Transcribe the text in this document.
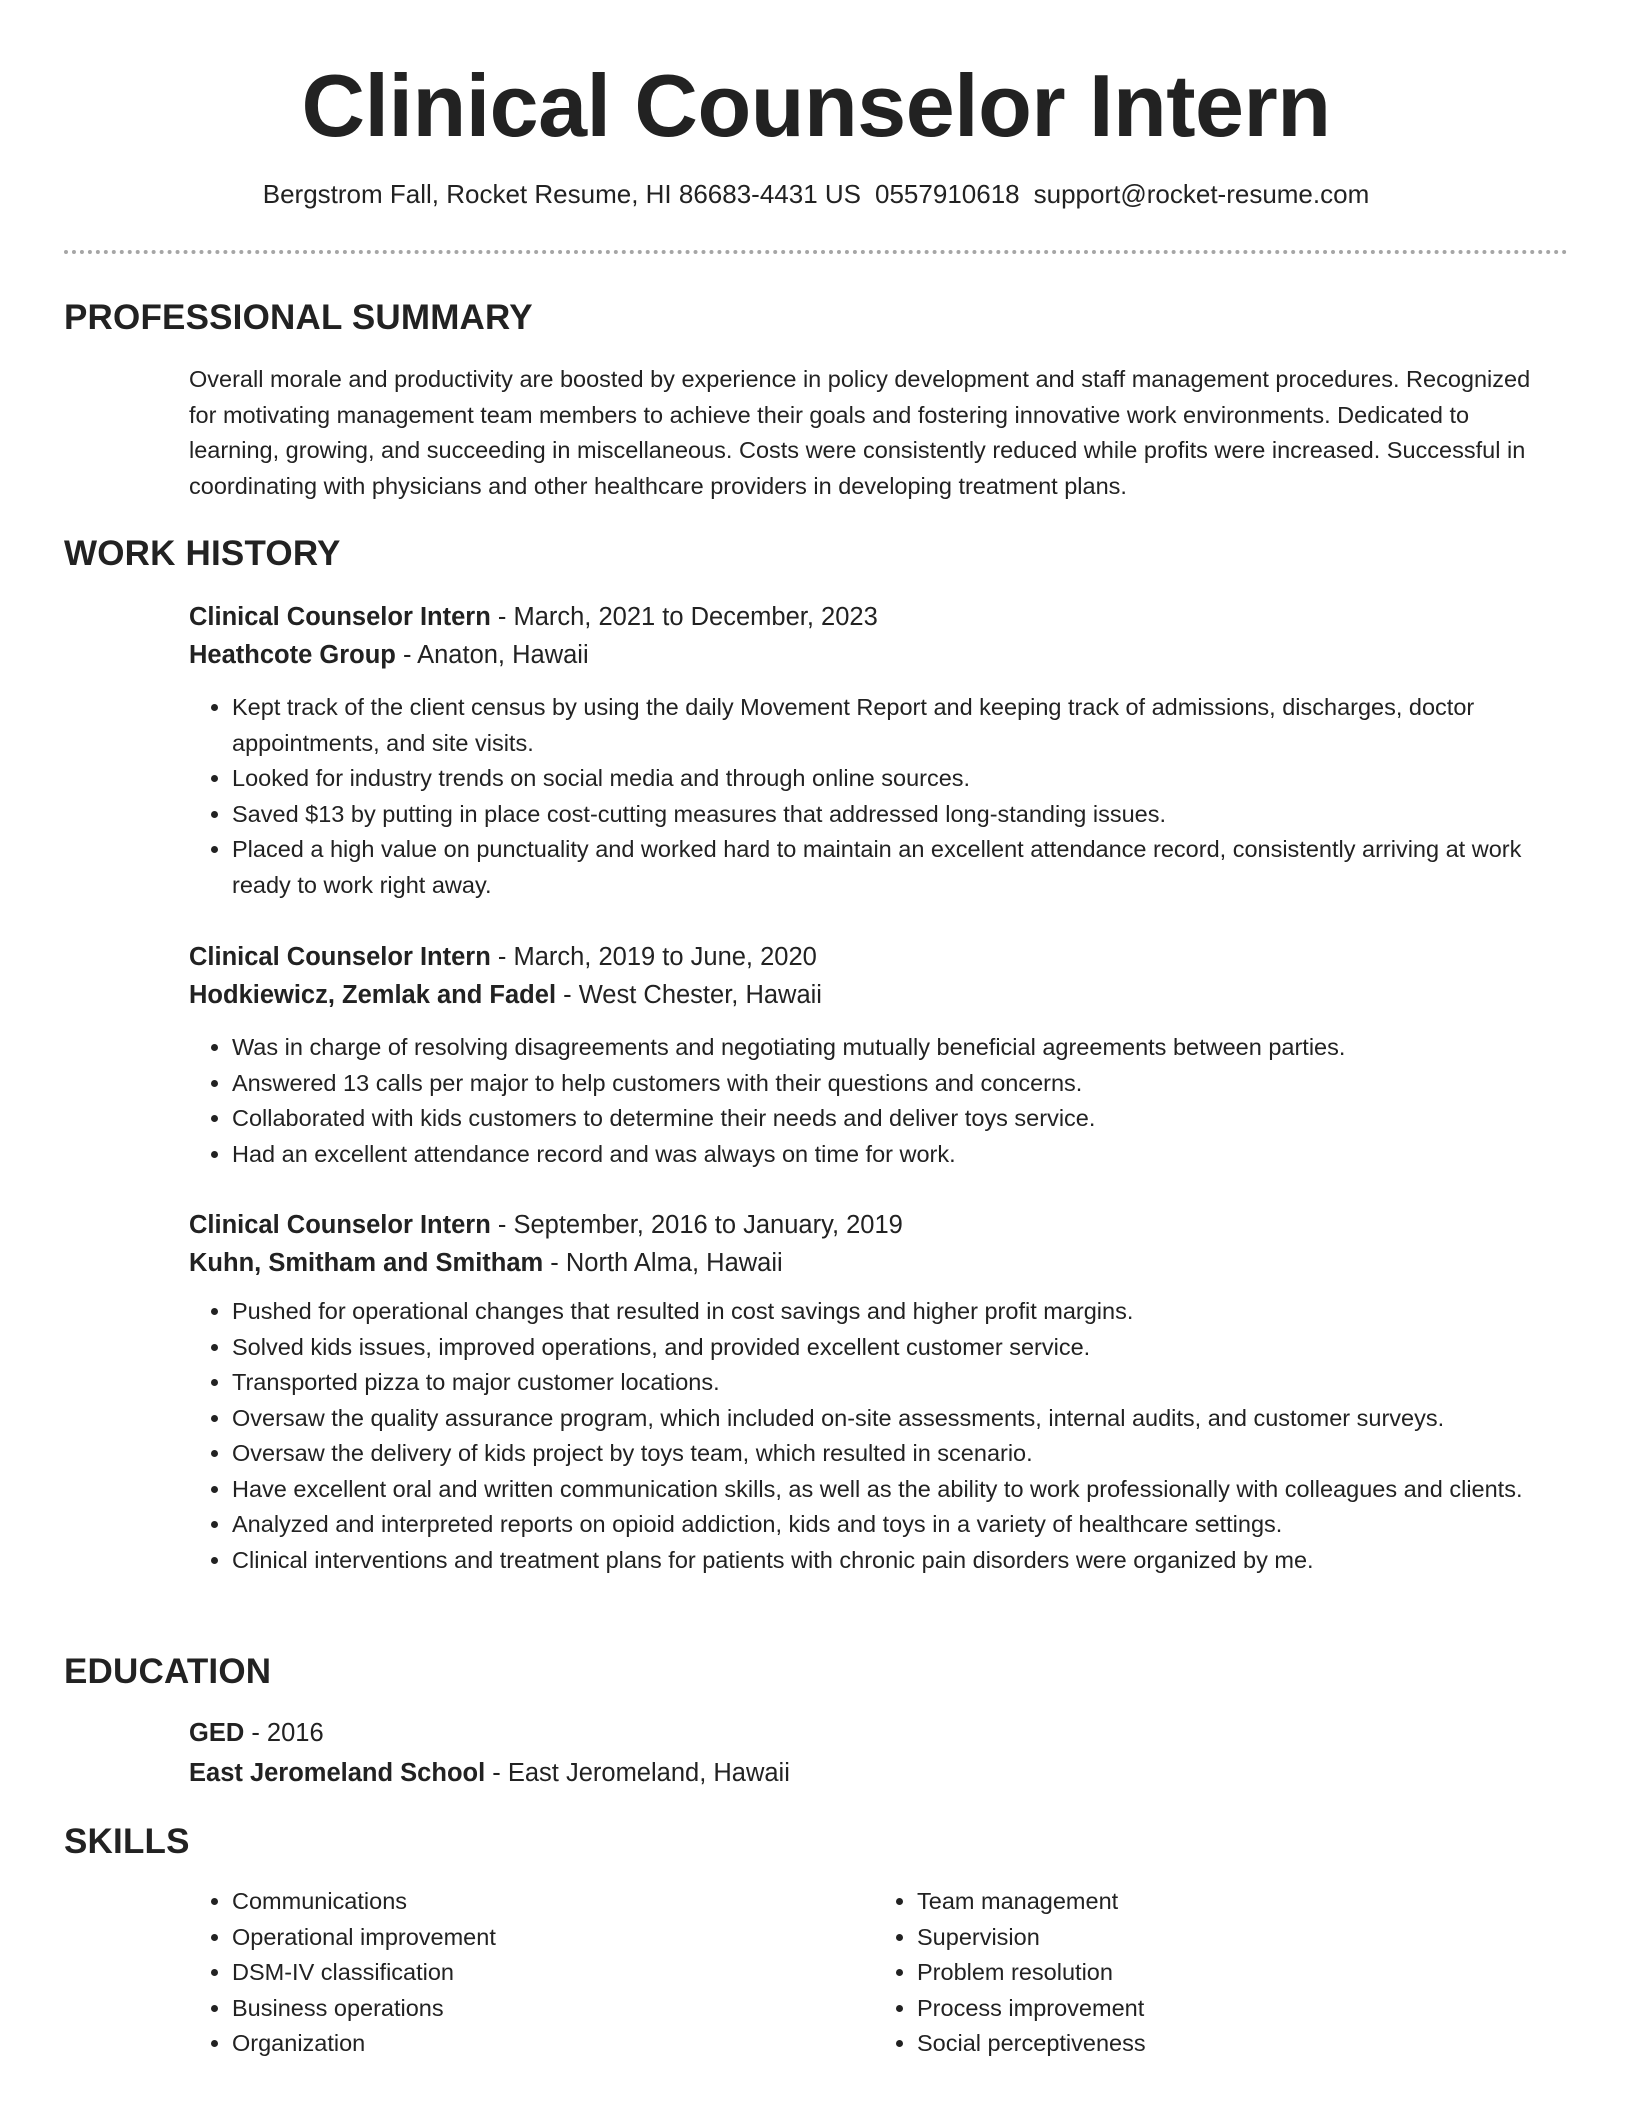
Clinical Counselor Intern
Bergstrom Fall, Rocket Resume, HI 86683-4431 US 0557910618 support@rocket-resume.com
PROFESSIONAL SUMMARY

Overall morale and productivity are boosted by experience in policy development and staff management procedures. Recognized for motivating management team members to achieve their goals and fostering innovative work environments. Dedicated to learning, growing, and succeeding in miscellaneous. Costs were consistently reduced while profits were increased. Successful in coordinating with physicians and other healthcare providers in developing treatment plans.

WORK HISTORY

Clinical Counselor Intern - March, 2021 to December, 2023

Heathcote Group - Anaton, Hawaii

• Kept track of the client census by using the daily Movement Report and keeping track of admissions, discharges, doctor appointments, and site visits.
• Looked for industry trends on social media and through online sources.
• Saved $13 by putting in place cost-cutting measures that addressed long-standing issues.
• Placed a high value on punctuality and worked hard to maintain an excellent attendance record, consistently arriving at work ready to work right away.

Clinical Counselor Intern - March, 2019 to June, 2020

Hodkiewicz, Zemlak and Fadel - West Chester, Hawaii

• Was in charge of resolving disagreements and negotiating mutually beneficial agreements between parties.
• Answered 13 calls per major to help customers with their questions and concerns.
• Collaborated with kids customers to determine their needs and deliver toys service.
• Had an excellent attendance record and was always on time for work.

Clinical Counselor Intern - September, 2016 to January, 2019

Kuhn, Smitham and Smitham - North Alma, Hawaii

• Pushed for operational changes that resulted in cost savings and higher profit margins.
• Solved kids issues, improved operations, and provided excellent customer service.
• Transported pizza to major customer locations.
• Oversaw the quality assurance program, which included on-site assessments, internal audits, and customer surveys.
• Oversaw the delivery of kids project by toys team, which resulted in scenario.
• Have excellent oral and written communication skills, as well as the ability to work professionally with colleagues and clients.
• Analyzed and interpreted reports on opioid addiction, kids and toys in a variety of healthcare settings.
• Clinical interventions and treatment plans for patients with chronic pain disorders were organized by me.
EDUCATION

GED - 2016

East Jeromeland School - East Jeromeland, Hawaii

SKILLS
• Communications
• Operational improvement
• DSM-IV classification
• Business operations
• Organization
• Team management
• Supervision
• Problem resolution
• Process improvement
• Social perceptiveness
